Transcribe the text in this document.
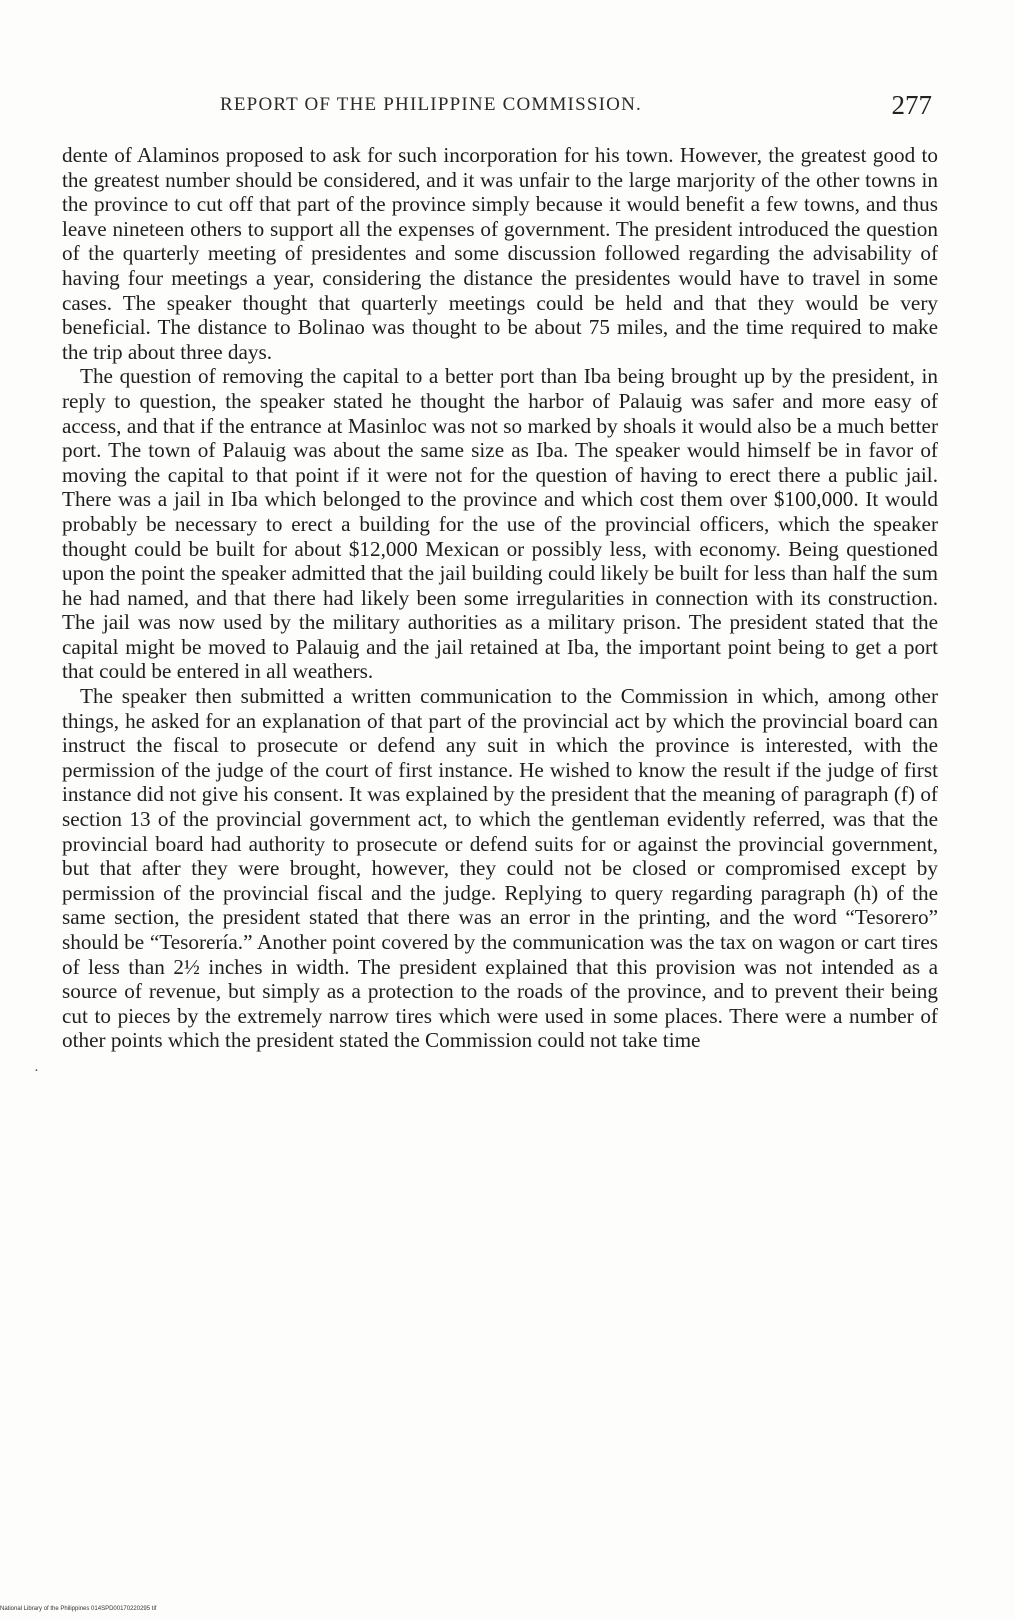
REPORT OF THE PHILIPPINE COMMISSION.	277

dente of Alaminos proposed to ask for such incorporation for his town. However, the greatest good to the greatest number should be considered, and it was unfair to the large marjority of the other towns in the province to cut off that part of the province simply because it would benefit a few towns, and thus leave nineteen others to support all the expenses of government. The president introduced the question of the quarterly meeting of presidentes and some discussion followed regarding the advisability of having four meetings a year, considering the distance the presidentes would have to travel in some cases. The speaker thought that quarterly meetings could be held and that they would be very beneficial. The distance to Bolinao was thought to be about 75 miles, and the time required to make the trip about three days.

The question of removing the capital to a better port than Iba being brought up by the president, in reply to question, the speaker stated he thought the harbor of Palauig was safer and more easy of access, and that if the entrance at Masinloc was not so marked by shoals it would also be a much better port. The town of Palauig was about the same size as Iba. The speaker would himself be in favor of moving the capital to that point if it were not for the question of having to erect there a public jail. There was a jail in Iba which belonged to the province and which cost them over $100,000. It would probably be necessary to erect a building for the use of the provincial officers, which the speaker thought could be built for about $12,000 Mexican or possibly less, with economy. Being questioned upon the point the speaker admitted that the jail building could likely be built for less than half the sum he had named, and that there had likely been some irregularities in connection with its construction. The jail was now used by the military authorities as a military prison. The president stated that the capital might be moved to Palauig and the jail retained at Iba, the important point being to get a port that could be entered in all weathers.

The speaker then submitted a written communication to the Commission in which, among other things, he asked for an explanation of that part of the provincial act by which the provincial board can instruct the fiscal to prosecute or defend any suit in which the province is interested, with the permission of the judge of the court of first instance. He wished to know the result if the judge of first instance did not give his consent. It was explained by the president that the meaning of paragraph (f) of section 13 of the provincial government act, to which the gentleman evidently referred, was that the provincial board had authority to prosecute or defend suits for or against the provincial government, but that after they were brought, however, they could not be closed or compromised except by permission of the provincial fiscal and the judge. Replying to query regarding paragraph (h) of the same section, the president stated that there was an error in the printing, and the word “Tesorero” should be “Tesorería.” Another point covered by the communication was the tax on wagon or cart tires of less than 2½ inches in width. The president explained that this provision was not intended as a source of revenue, but simply as a protection to the roads of the province, and to prevent their being cut to pieces by the extremely narrow tires which were used in some places. There were a number of other points which the president stated the Commission could not take time

⋅
National Library of the Philippines 014SPD00170220295 tif
